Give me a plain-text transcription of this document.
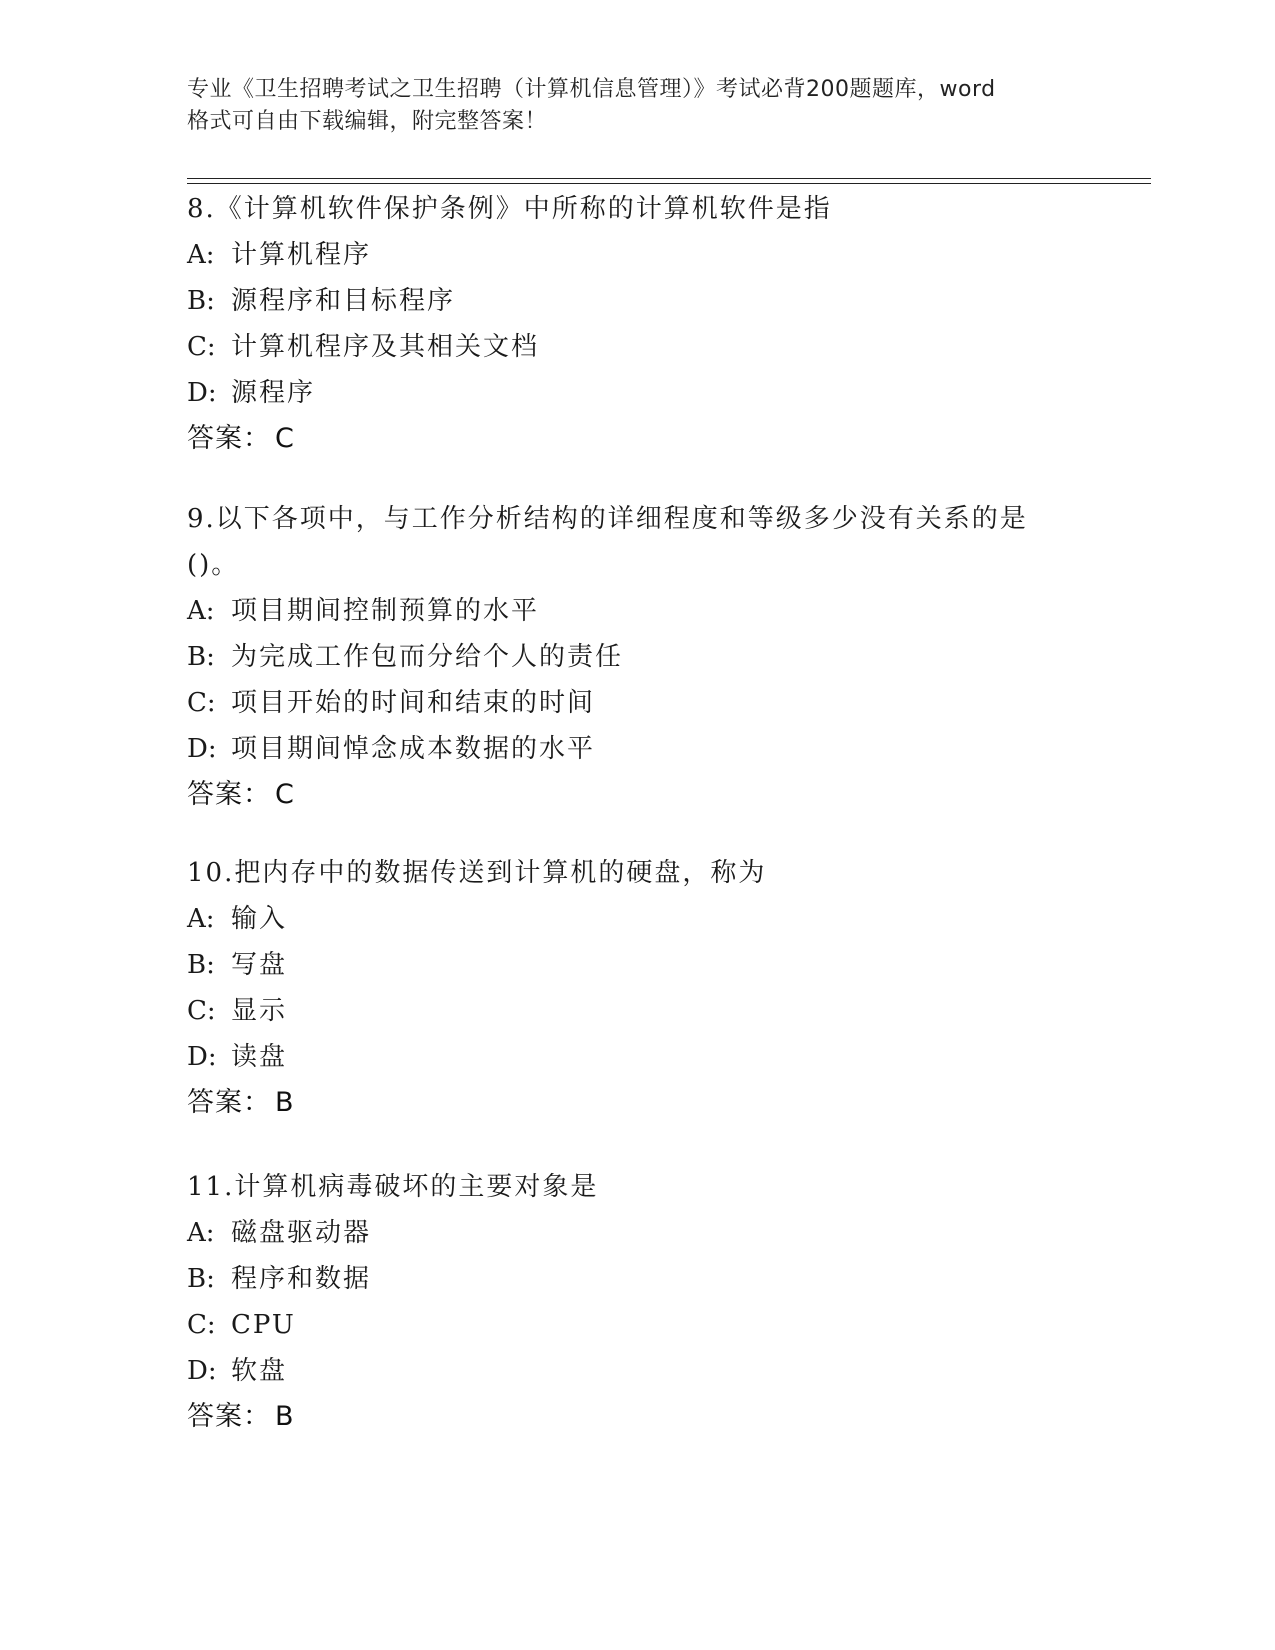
专业《卫生招聘考试之卫生招聘（计算机信息管理）》考试必背200题题库，word
格式可自由下载编辑，附完整答案！

8.《计算机软件保护条例》中所称的计算机软件是指

A: 计算机程序
B: 源程序和目标程序
C: 计算机程序及其相关文档
D: 源程序
答案： C

9.以下各项中，与工作分析结构的详细程度和等级多少没有关系的是()。

A: 项目期间控制预算的水平
B: 为完成工作包而分给个人的责任
C: 项目开始的时间和结束的时间
D: 项目期间悼念成本数据的水平
答案： C

10.把内存中的数据传送到计算机的硬盘，称为

A: 输入
B: 写盘
C: 显示
D: 读盘
答案： B

11.计算机病毒破坏的主要对象是

A: 磁盘驱动器
B: 程序和数据
C: CPU
D: 软盘
答案： B
